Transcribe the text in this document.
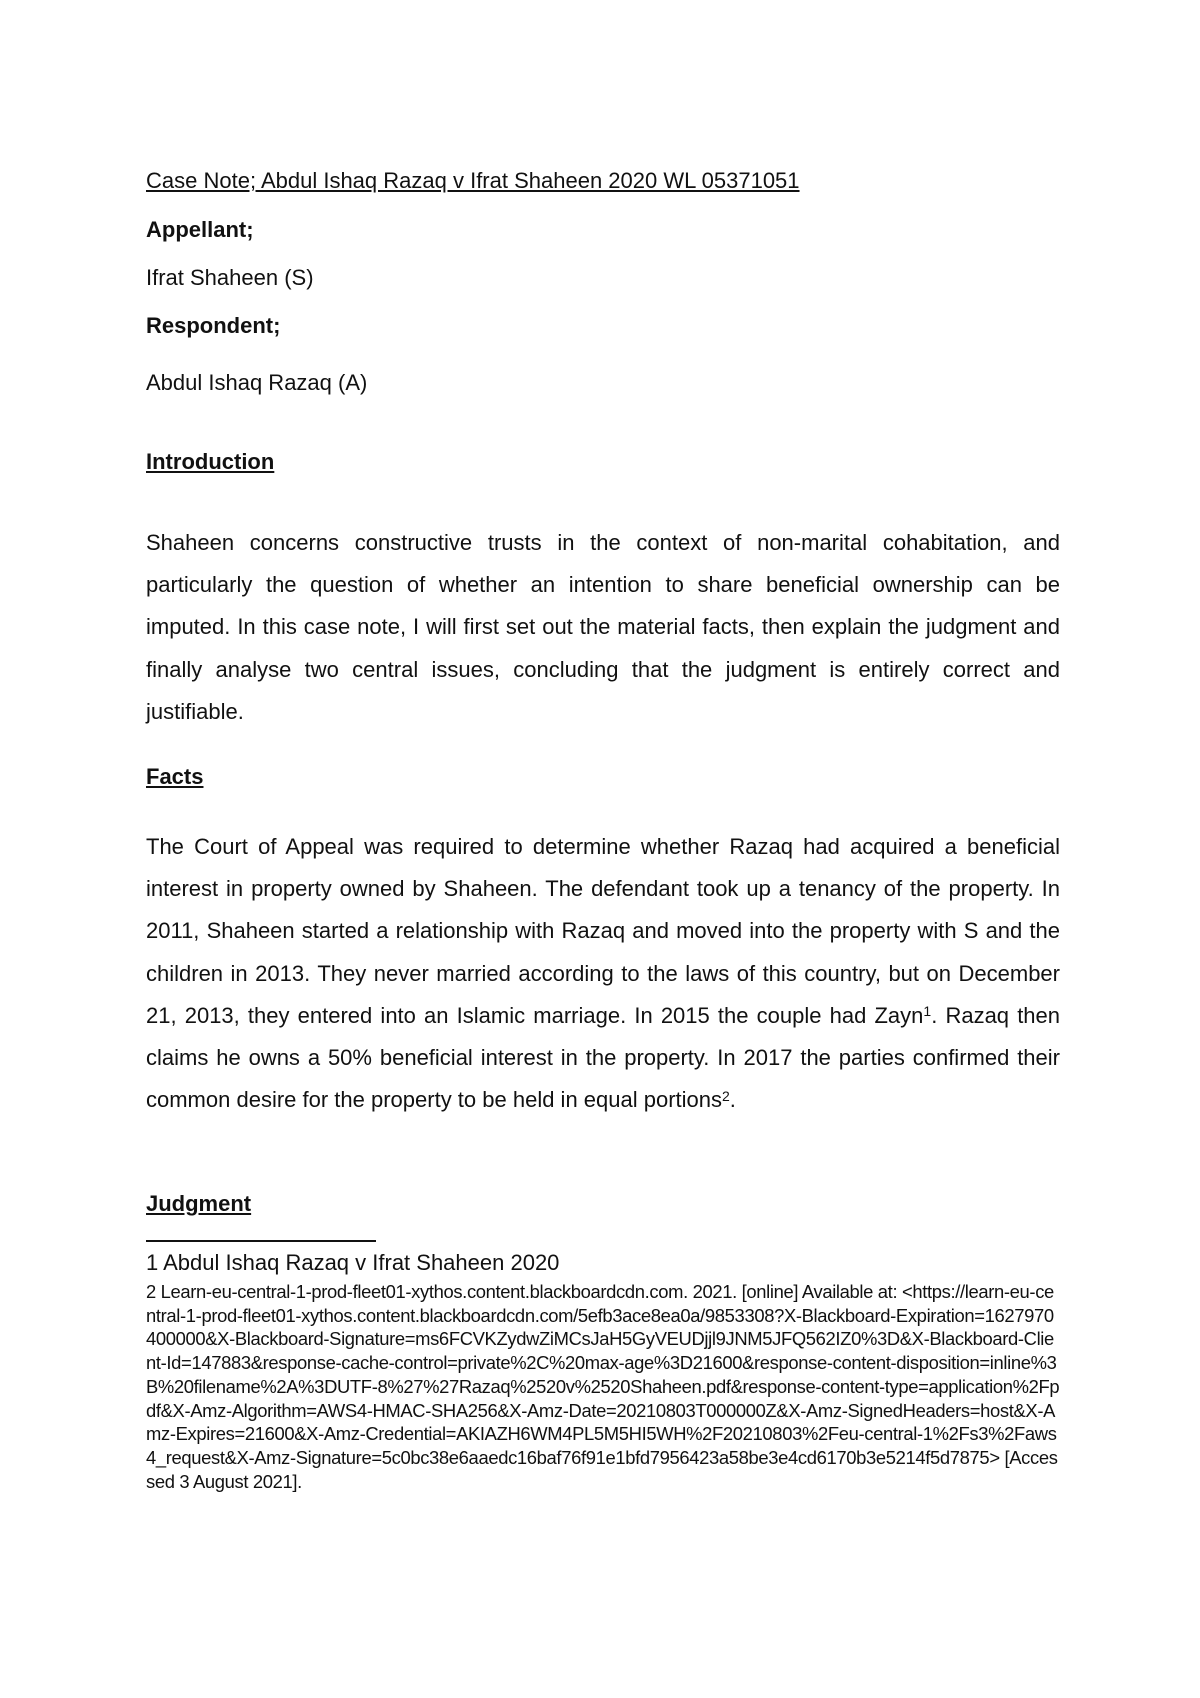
Case Note; Abdul Ishaq Razaq v Ifrat Shaheen 2020 WL 05371051

Appellant;

Ifrat Shaheen (S)

Respondent;

Abdul Ishaq Razaq (A)

Introduction

Shaheen concerns constructive trusts in the context of non-marital cohabitation, and particularly the question of whether an intention to share beneficial ownership can be imputed. In this case note, I will first set out the material facts, then explain the judgment and finally analyse two central issues, concluding that the judgment is entirely correct and justifiable.

Facts

The Court of Appeal was required to determine whether Razaq had acquired a beneficial interest in property owned by Shaheen. The defendant took up a tenancy of the property. In 2011, Shaheen started a relationship with Razaq and moved into the property with S and the children in 2013. They never married according to the laws of this country, but on December 21, 2013, they entered into an Islamic marriage. In 2015 the couple had Zayn$^1$. Razaq then claims he owns a 50% beneficial interest in the property. In 2017 the parties confirmed their common desire for the property to be held in equal portions$^2$.

Judgment

1 Abdul Ishaq Razaq v Ifrat Shaheen 2020

2 Learn-eu-central-1-prod-fleet01-xythos.content.blackboardcdn.com. 2021. [online] Available at: <https://learn-eu-central-1-prod-fleet01-xythos.content.blackboardcdn.com/5efb3ace8ea0a/9853308?X-Blackboard-Expiration=1627970400000&X-Blackboard-Signature=ms6FCVKZydwZiMCsJaH5GyVEUDjjl9JNM5JFQ562IZ0%3D&X-Blackboard-Client-Id=147883&response-cache-control=private%2C%20max-age%3D21600&response-content-disposition=inline%3B%20filename%2A%3DUTF-8%27%27Razaq%2520v%2520Shaheen.pdf&response-content-type=application%2Fpdf&X-Amz-Algorithm=AWS4-HMAC-SHA256&X-Amz-Date=20210803T000000Z&X-Amz-SignedHeaders=host&X-Amz-Expires=21600&X-Amz-Credential=AKIAZH6WM4PL5M5HI5WH%2F20210803%2Feu-central-1%2Fs3%2Faws4_request&X-Amz-Signature=5c0bc38e6aaedc16baf76f91e1bfd7956423a58be3e4cd6170b3e5214f5d7875> [Accessed 3 August 2021].
